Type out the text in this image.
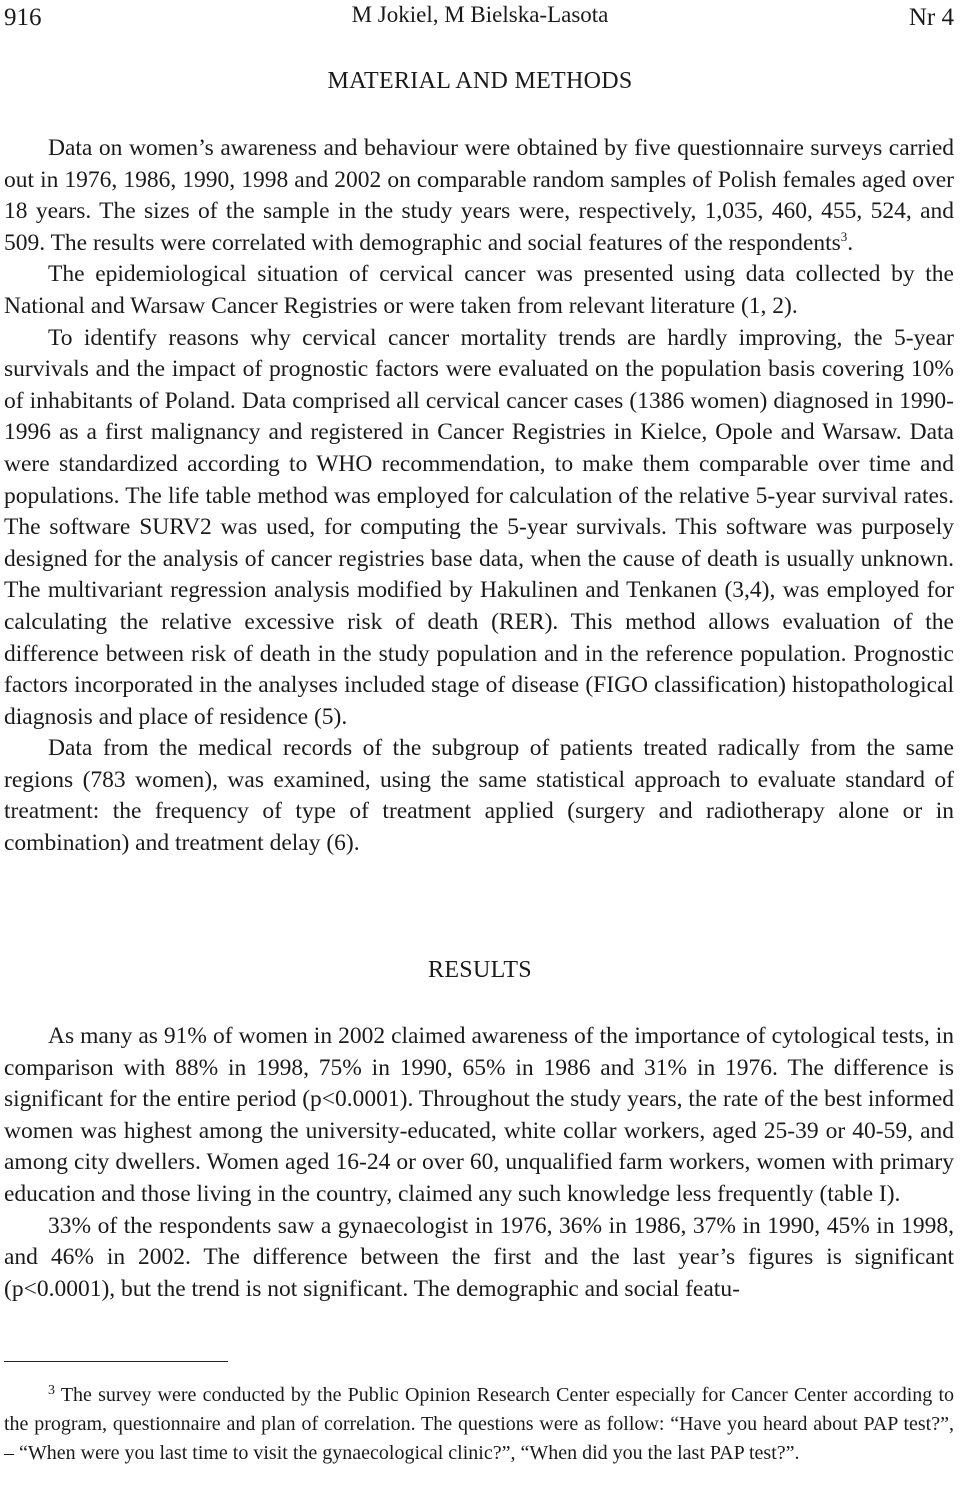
916	M Jokiel, M Bielska-Lasota	Nr 4
MATERIAL AND METHODS

Data on women’s awareness and behaviour were obtained by five questionnaire surveys carried out in 1976, 1986, 1990, 1998 and 2002 on comparable random samples of Polish females aged over 18 years. The sizes of the sample in the study years were, respectively, 1,035, 460, 455, 524, and 509. The results were correlated with demographic and social features of the respondents$^3$.

The epidemiological situation of cervical cancer was presented using data collected by the National and Warsaw Cancer Registries or were taken from relevant literature (1, 2).

To identify reasons why cervical cancer mortality trends are hardly improving, the 5-year survivals and the impact of prognostic factors were evaluated on the population basis covering 10% of inhabitants of Poland. Data comprised all cervical cancer cases (1386 women) diagnosed in 1990-1996 as a first malignancy and registered in Cancer Registries in Kielce, Opole and Warsaw. Data were standardized according to WHO recommendation, to make them comparable over time and populations. The life table method was employed for calculation of the relative 5-year survival rates. The software SURV2 was used, for computing the 5-year survivals. This software was purposely designed for the analysis of cancer registries base data, when the cause of death is usually unknown. The multivariant regression analysis modified by Hakulinen and Tenkanen (3,4), was employed for calculating the relative excessive risk of death (RER). This method allows evaluation of the difference between risk of death in the study population and in the reference population. Prognostic factors incorporated in the analyses included stage of disease (FIGO classification) histopathological diagnosis and place of residence (5).

Data from the medical records of the subgroup of patients treated radically from the same regions (783 women), was examined, using the same statistical approach to evaluate standard of treatment: the frequency of type of treatment applied (surgery and radiotherapy alone or in combination) and treatment delay (6).

RESULTS

As many as 91% of women in 2002 claimed awareness of the importance of cytological tests, in comparison with 88% in 1998, 75% in 1990, 65% in 1986 and 31% in 1976. The difference is significant for the entire period (p<0.0001). Throughout the study years, the rate of the best informed women was highest among the university-educated, white collar workers, aged 25-39 or 40-59, and among city dwellers. Women aged 16-24 or over 60, unqualified farm workers, women with primary education and those living in the country, claimed any such knowledge less frequently (table I).

33% of the respondents saw a gynaecologist in 1976, 36% in 1986, 37% in 1990, 45% in 1998, and 46% in 2002. The difference between the first and the last year’s figures is significant (p<0.0001), but the trend is not significant. The demographic and social featu-

$^3$ The survey were conducted by the Public Opinion Research Center especially for Cancer Center according to the program, questionnaire and plan of correlation. The questions were as follow: “Have you heard about PAP test?”, – “When were you last time to visit the gynaecological clinic?”, “When did you the last PAP test?”.
